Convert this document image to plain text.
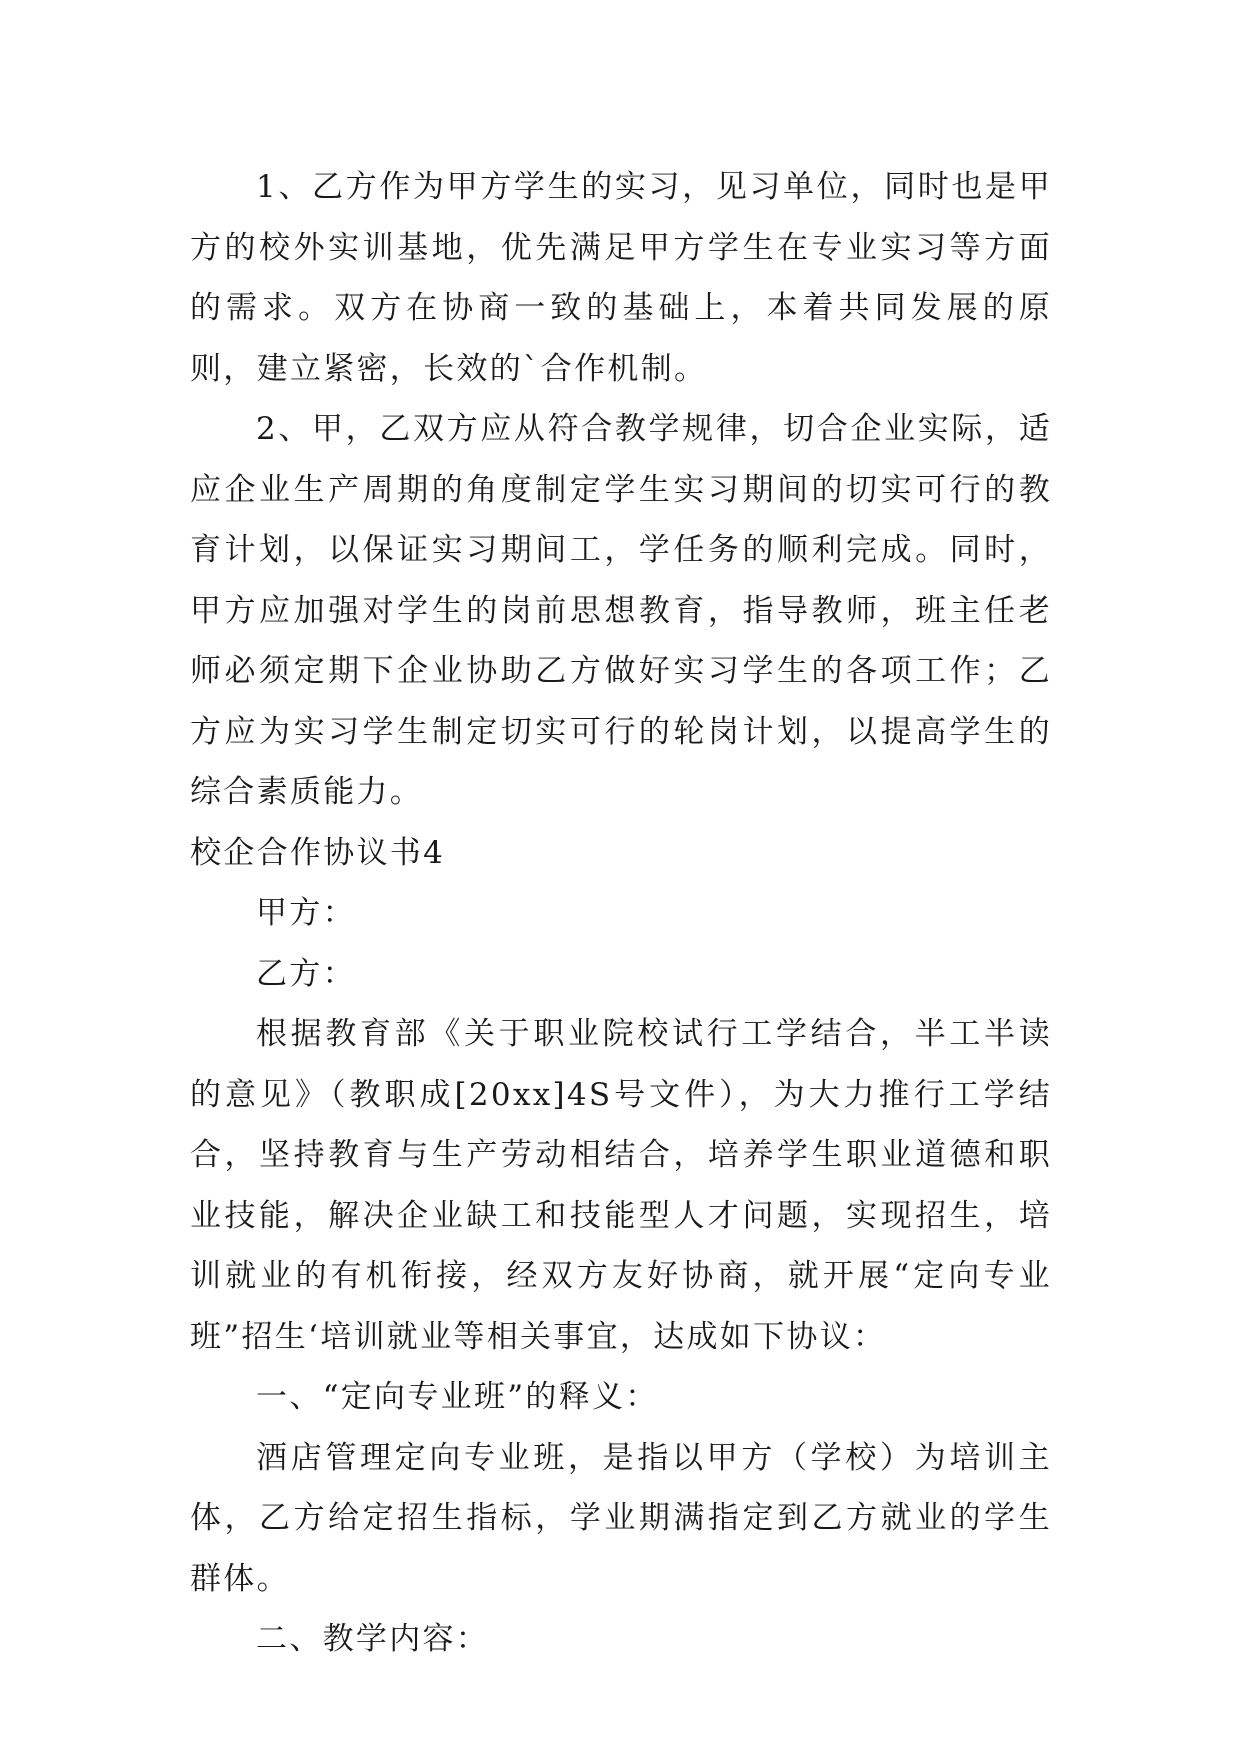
1、乙方作为甲方学生的实习，见习单位，同时也是甲方的校外实训基地，优先满足甲方学生在专业实习等方面的需求。双方在协商一致的基础上，本着共同发展的原则，建立紧密，长效的`合作机制。

2、甲，乙双方应从符合教学规律，切合企业实际，适应企业生产周期的角度制定学生实习期间的切实可行的教育计划，以保证实习期间工，学任务的顺利完成。同时，甲方应加强对学生的岗前思想教育，指导教师，班主任老师必须定期下企业协助乙方做好实习学生的各项工作；乙方应为实习学生制定切实可行的轮岗计划，以提高学生的综合素质能力。

校企合作协议书4

甲方：

乙方：

根据教育部《关于职业院校试行工学结合，半工半读的意见》（教职成[20xx]4S号文件），为大力推行工学结合，坚持教育与生产劳动相结合，培养学生职业道德和职业技能，解决企业缺工和技能型人才问题，实现招生，培训就业的有机衔接，经双方友好协商，就开展“定向专业班”招生‘培训就业等相关事宜，达成如下协议：

一、“定向专业班”的释义：

酒店管理定向专业班，是指以甲方（学校）为培训主体，乙方给定招生指标，学业期满指定到乙方就业的学生群体。

二、教学内容：
